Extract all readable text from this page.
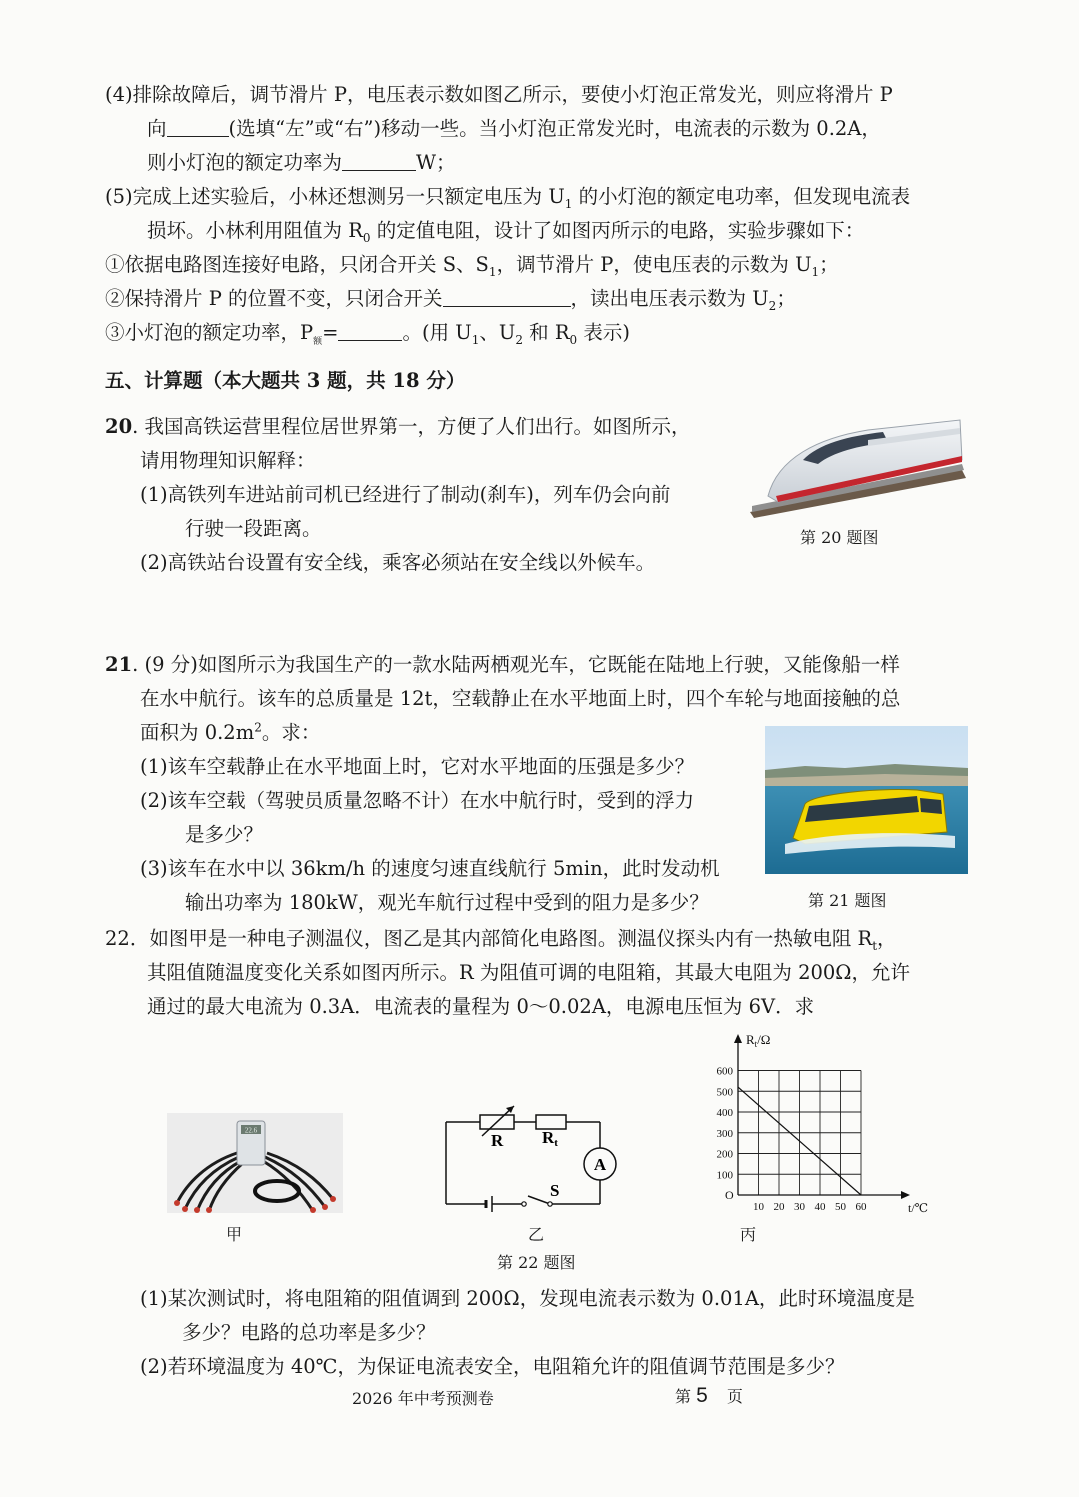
(4)排除故障后，调节滑片 P，电压表示数如图乙所示，要使小灯泡正常发光，则应将滑片 P
向	(选填“左”或“右”)移动一些。当小灯泡正常发光时，电流表的示数为 0.2A，
则小灯泡的额定功率为	W；
(5)完成上述实验后，小林还想测另一只额定电压为 $U_1$ 的小灯泡的额定电功率，但发现电流表
损坏。小林利用阻值为 $R_0$ 的定值电阻，设计了如图丙所示的电路，实验步骤如下：
①依据电路图连接好电路，只闭合开关 S、$S_1$，调节滑片 P，使电压表的示数为 $U_1$；
②保持滑片 P 的位置不变，只闭合开关	，读出电压表示数为 $U_2$；
③小灯泡的额定功率，$P_额=$	。(用 $U_1$、$U_2$ 和 $R_0$ 表示)
五、计算题（本大题共 3 题，共 18 分）
20. 我国高铁运营里程位居世界第一，方便了人们出行。如图所示，
请用物理知识解释：
(1)高铁列车进站前司机已经进行了制动(刹车)，列车仍会向前
行驶一段距离。
(2)高铁站台设置有安全线，乘客必须站在安全线以外候车。
第 20 题图
21. (9 分)如图所示为我国生产的一款水陆两栖观光车，它既能在陆地上行驶，又能像船一样
在水中航行。该车的总质量是 12t，空载静止在水平地面上时，四个车轮与地面接触的总
面积为 $0.2m^2$。求：
(1)该车空载静止在水平地面上时，它对水平地面的压强是多少？
(2)该车空载（驾驶员质量忽略不计）在水中航行时，受到的浮力
是多少？
(3)该车在水中以 36km/h 的速度匀速直线航行 5min，此时发动机
输出功率为 180kW，观光车航行过程中受到的阻力是多少？	第 21 题图
22．如图甲是一种电子测温仪，图乙是其内部简化电路图。测温仪探头内有一热敏电阻 $R_t$，
其阻值随温度变化关系如图丙所示。R 为阻值可调的电阻箱，其最大电阻为 200Ω，允许
通过的最大电流为 0.3A．电流表的量程为 0～0.02A，电源电压恒为 6V．求
22.6
甲
R Rt
A
S
乙
10 20 30 40 50 60
100
200
300
400
500
600
$R_t/\Omega$
t/℃
O
丙
第 22 题图
(1)某次测试时，将电阻箱的阻值调到 200Ω，发现电流表示数为 0.01A，此时环境温度是
多少？电路的总功率是多少？
(2)若环境温度为 40℃，为保证电流表安全，电阻箱允许的阻值调节范围是多少？
2026 年中考预测卷	第 5 页
